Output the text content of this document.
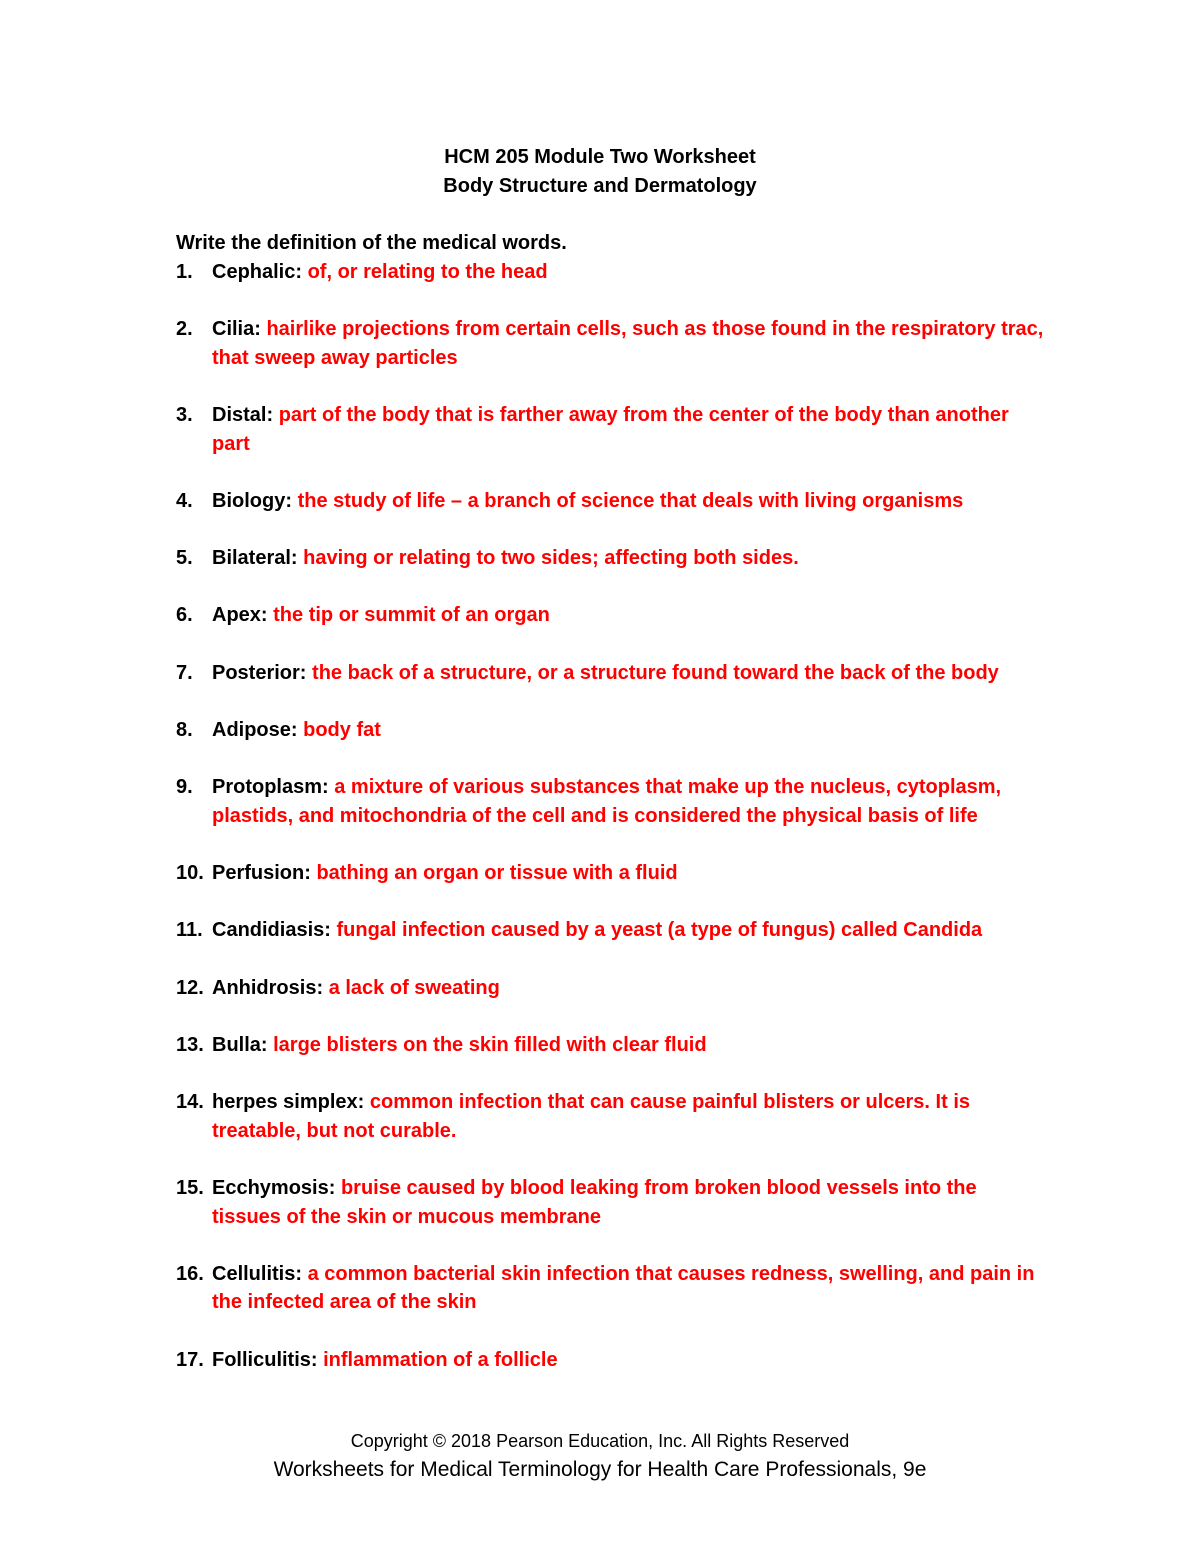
HCM 205 Module Two Worksheet
Body Structure and Dermatology
Write the definition of the medical words.
1. Cephalic: of, or relating to the head
2. Cilia: hairlike projections from certain cells, such as those found in the respiratory trac, that sweep away particles
3. Distal: part of the body that is farther away from the center of the body than another part
4. Biology: the study of life – a branch of science that deals with living organisms
5. Bilateral: having or relating to two sides; affecting both sides.
6. Apex: the tip or summit of an organ
7. Posterior: the back of a structure, or a structure found toward the back of the body
8. Adipose: body fat
9. Protoplasm: a mixture of various substances that make up the nucleus, cytoplasm, plastids, and mitochondria of the cell and is considered the physical basis of life
10. Perfusion: bathing an organ or tissue with a fluid
11. Candidiasis: fungal infection caused by a yeast (a type of fungus) called Candida
12. Anhidrosis: a lack of sweating
13. Bulla: large blisters on the skin filled with clear fluid
14. herpes simplex: common infection that can cause painful blisters or ulcers. It is treatable, but not curable.
15. Ecchymosis: bruise caused by blood leaking from broken blood vessels into the tissues of the skin or mucous membrane
16. Cellulitis: a common bacterial skin infection that causes redness, swelling, and pain in the infected area of the skin
17. Folliculitis: inflammation of a follicle
Copyright © 2018 Pearson Education, Inc. All Rights Reserved
Worksheets for Medical Terminology for Health Care Professionals, 9e
